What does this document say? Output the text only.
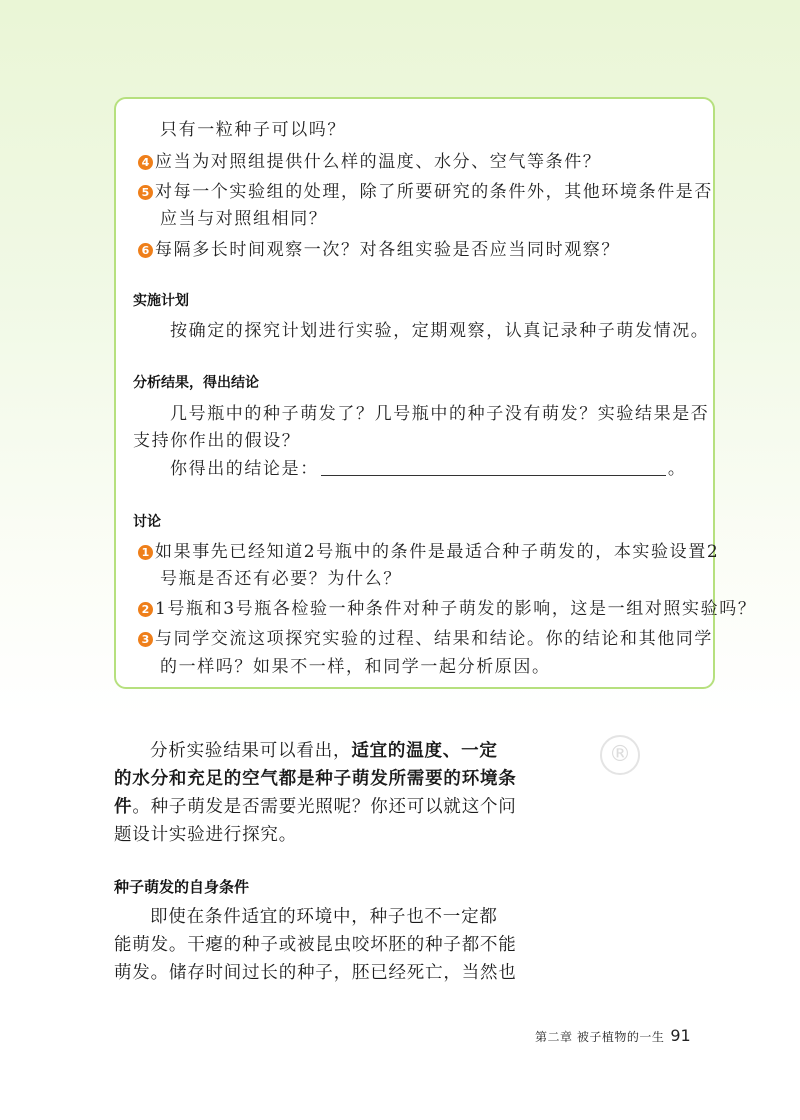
只有一粒种子可以吗？
4 应当为对照组提供什么样的温度、水分、空气等条件？
5 对每一个实验组的处理，除了所要研究的条件外，其他环境条件是否
应当与对照组相同？
6 每隔多长时间观察一次？对各组实验是否应当同时观察？
实施计划
按确定的探究计划进行实验，定期观察，认真记录种子萌发情况。
分析结果，得出结论
几号瓶中的种子萌发了？几号瓶中的种子没有萌发？实验结果是否
支持你作出的假设？
你得出的结论是：	。
讨论
1 如果事先已经知道2号瓶中的条件是最适合种子萌发的，本实验设置2
号瓶是否还有必要？为什么？
2 1号瓶和3号瓶各检验一种条件对种子萌发的影响，这是一组对照实验吗？
3 与同学交流这项探究实验的过程、结果和结论。你的结论和其他同学
的一样吗？如果不一样，和同学一起分析原因。
®
分析实验结果可以看出，适宜的温度、一定
的水分和充足的空气都是种子萌发所需要的环境条
件。种子萌发是否需要光照呢？你还可以就这个问
题设计实验进行探究。
种子萌发的自身条件
即使在条件适宜的环境中，种子也不一定都
能萌发。干瘪的种子或被昆虫咬坏胚的种子都不能
萌发。储存时间过长的种子，胚已经死亡，当然也
第二章 被子植物的一生 91
